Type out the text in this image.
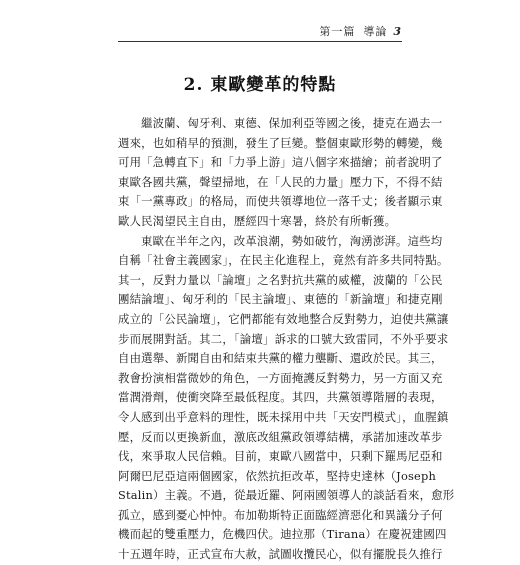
第一篇 導論 3
2. 東歐變革的特點
繼波蘭、匈牙利、東德、保加利亞等國之後，捷克在過去一
週來，也如稍早的預測，發生了巨變。整個東歐形勢的轉變，幾
可用「急轉直下」和「力爭上游」這八個字來描繪；前者說明了
東歐各國共黨，聲望掃地，在「人民的力量」壓力下，不得不結
束「一黨專政」的格局，而使共領導地位一落千丈；後者顯示東
歐人民渴望民主自由，歷經四十寒暑，終於有所斬獲。
東歐在半年之內，改革浪潮，勢如破竹，洶湧澎湃。這些均
自稱「社會主義國家」，在民主化進程上，竟然有許多共同特點。
其一，反對力量以「論壇」之名對抗共黨的威權，波蘭的「公民
團結論壇」、匈牙利的「民主論壇」、東德的「新論壇」和捷克剛
成立的「公民論壇」，它們都能有效地整合反對勢力，迫使共黨讓
步而展開對話。其二，「論壇」訴求的口號大致雷同，不外乎要求
自由選舉、新聞自由和結束共黨的權力壟斷、還政於民。其三，
教會扮演相當微妙的角色，一方面掩護反對勢力，另一方面又充
當潤滑劑，使衝突降至最低程度。其四，共黨領導階層的表現，
令人感到出乎意料的理性，既未採用中共「天安門模式」，血腥鎮
壓，反而以更換新血，激底改組黨政領導結構，承諾加速改革步
伐，來爭取人民信賴。目前，東歐八國當中，只剩下羅馬尼亞和
阿爾巴尼亞這兩個國家，依然抗拒改革，堅持史達林（Joseph
Stalin）主義。不過，從最近羅、阿兩國領導人的談話看來，愈形
孤立，感到憂心忡忡。布加勒斯特正面臨經濟惡化和異議分子何
機而起的雙重壓力，危機四伏。迪拉那（Tirana）在慶祝建國四
十五週年時，正式宣布大赦，試圖收攬民心，似有擺脫長久推行
